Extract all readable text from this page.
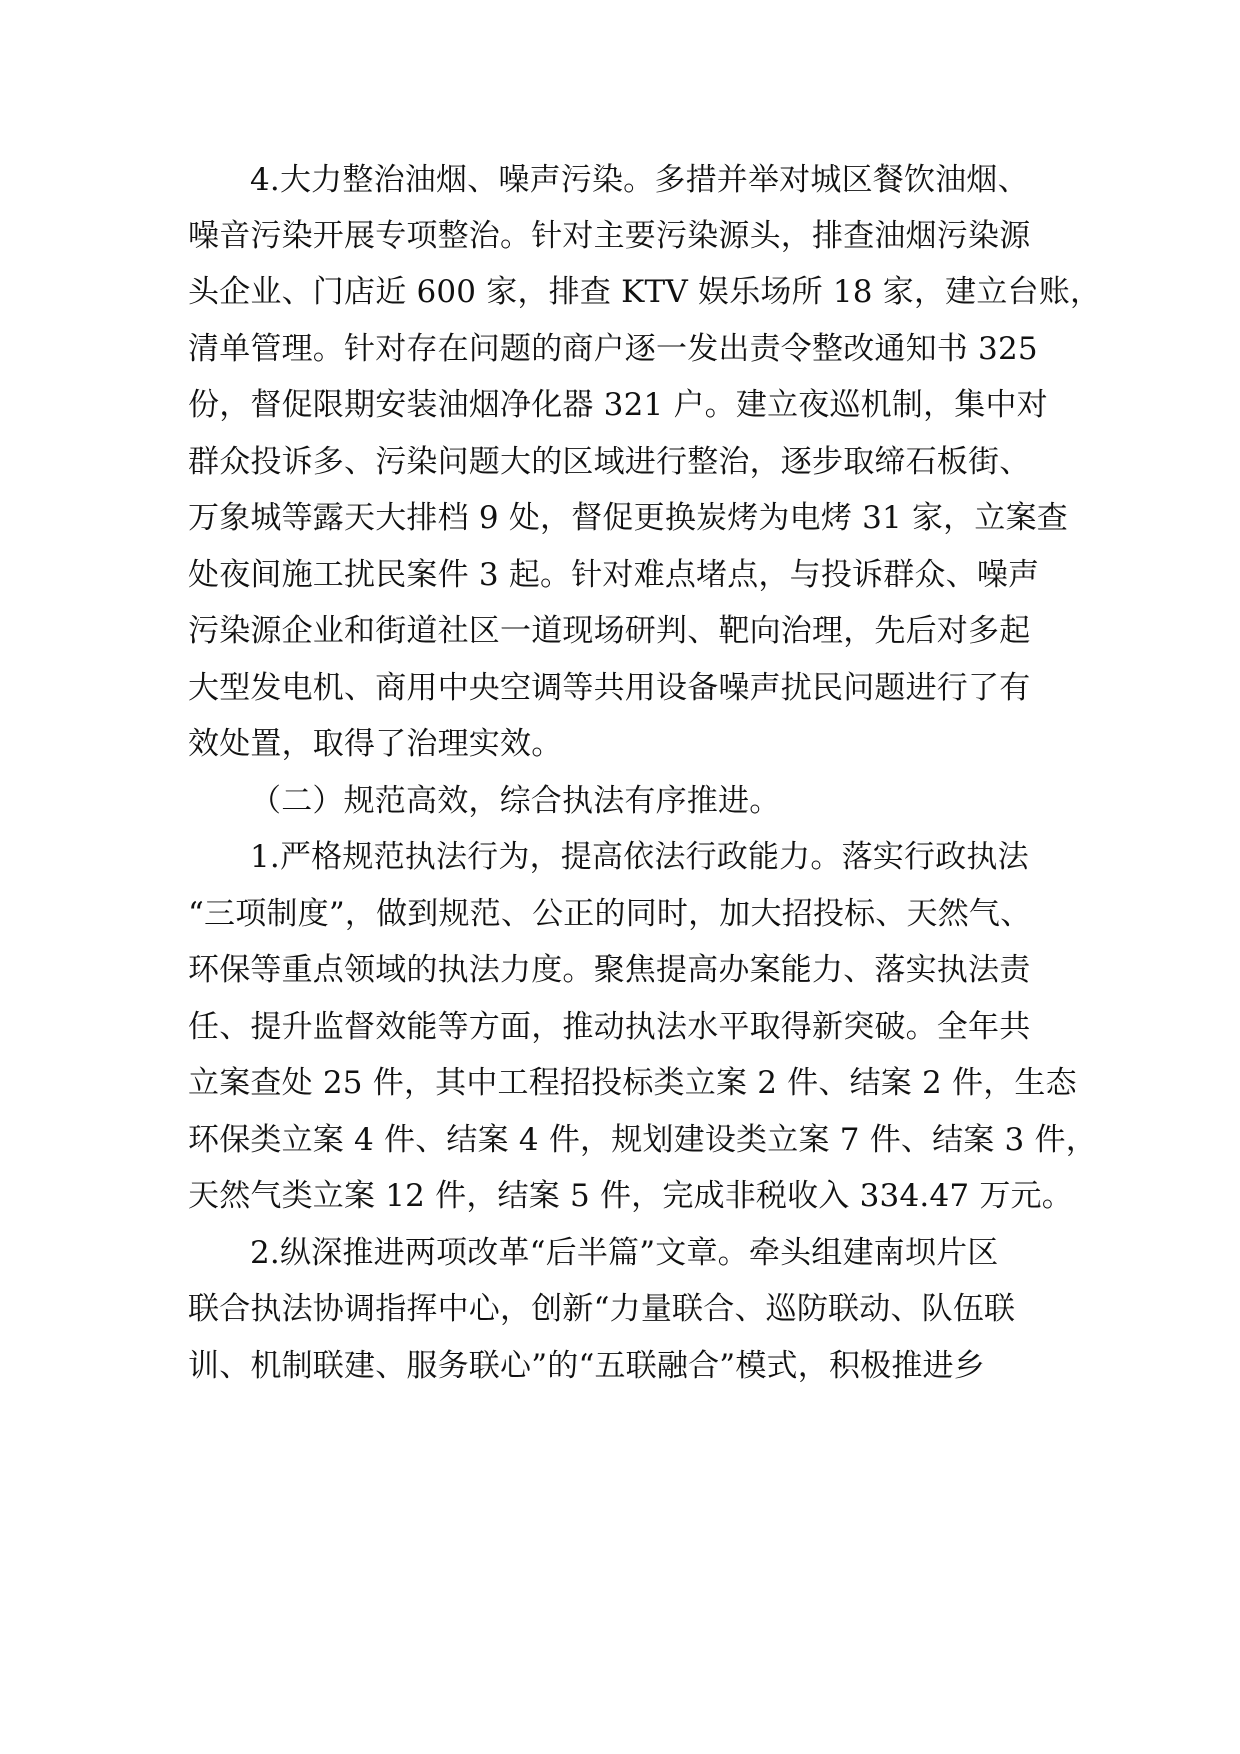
4.大力整治油烟、噪声污染。多措并举对城区餐饮油烟、
噪音污染开展专项整治。针对主要污染源头，排查油烟污染源
头企业、门店近 600 家，排查 KTV 娱乐场所 18 家，建立台账，
清单管理。针对存在问题的商户逐一发出责令整改通知书 325
份，督促限期安装油烟净化器 321 户。建立夜巡机制，集中对
群众投诉多、污染问题大的区域进行整治，逐步取缔石板街、
万象城等露天大排档 9 处，督促更换炭烤为电烤 31 家，立案查
处夜间施工扰民案件 3 起。针对难点堵点，与投诉群众、噪声
污染源企业和街道社区一道现场研判、靶向治理，先后对多起
大型发电机、商用中央空调等共用设备噪声扰民问题进行了有
效处置，取得了治理实效。
（二）规范高效，综合执法有序推进。
1.严格规范执法行为，提高依法行政能力。落实行政执法
“三项制度”，做到规范、公正的同时，加大招投标、天然气、
环保等重点领域的执法力度。聚焦提高办案能力、落实执法责
任、提升监督效能等方面，推动执法水平取得新突破。全年共
立案查处 25 件，其中工程招投标类立案 2 件、结案 2 件，生态
环保类立案 4 件、结案 4 件，规划建设类立案 7 件、结案 3 件，
天然气类立案 12 件，结案 5 件，完成非税收入 334.47 万元。
2.纵深推进两项改革“后半篇”文章。牵头组建南坝片区
联合执法协调指挥中心，创新“力量联合、巡防联动、队伍联
训、机制联建、服务联心”的“五联融合”模式，积极推进乡
